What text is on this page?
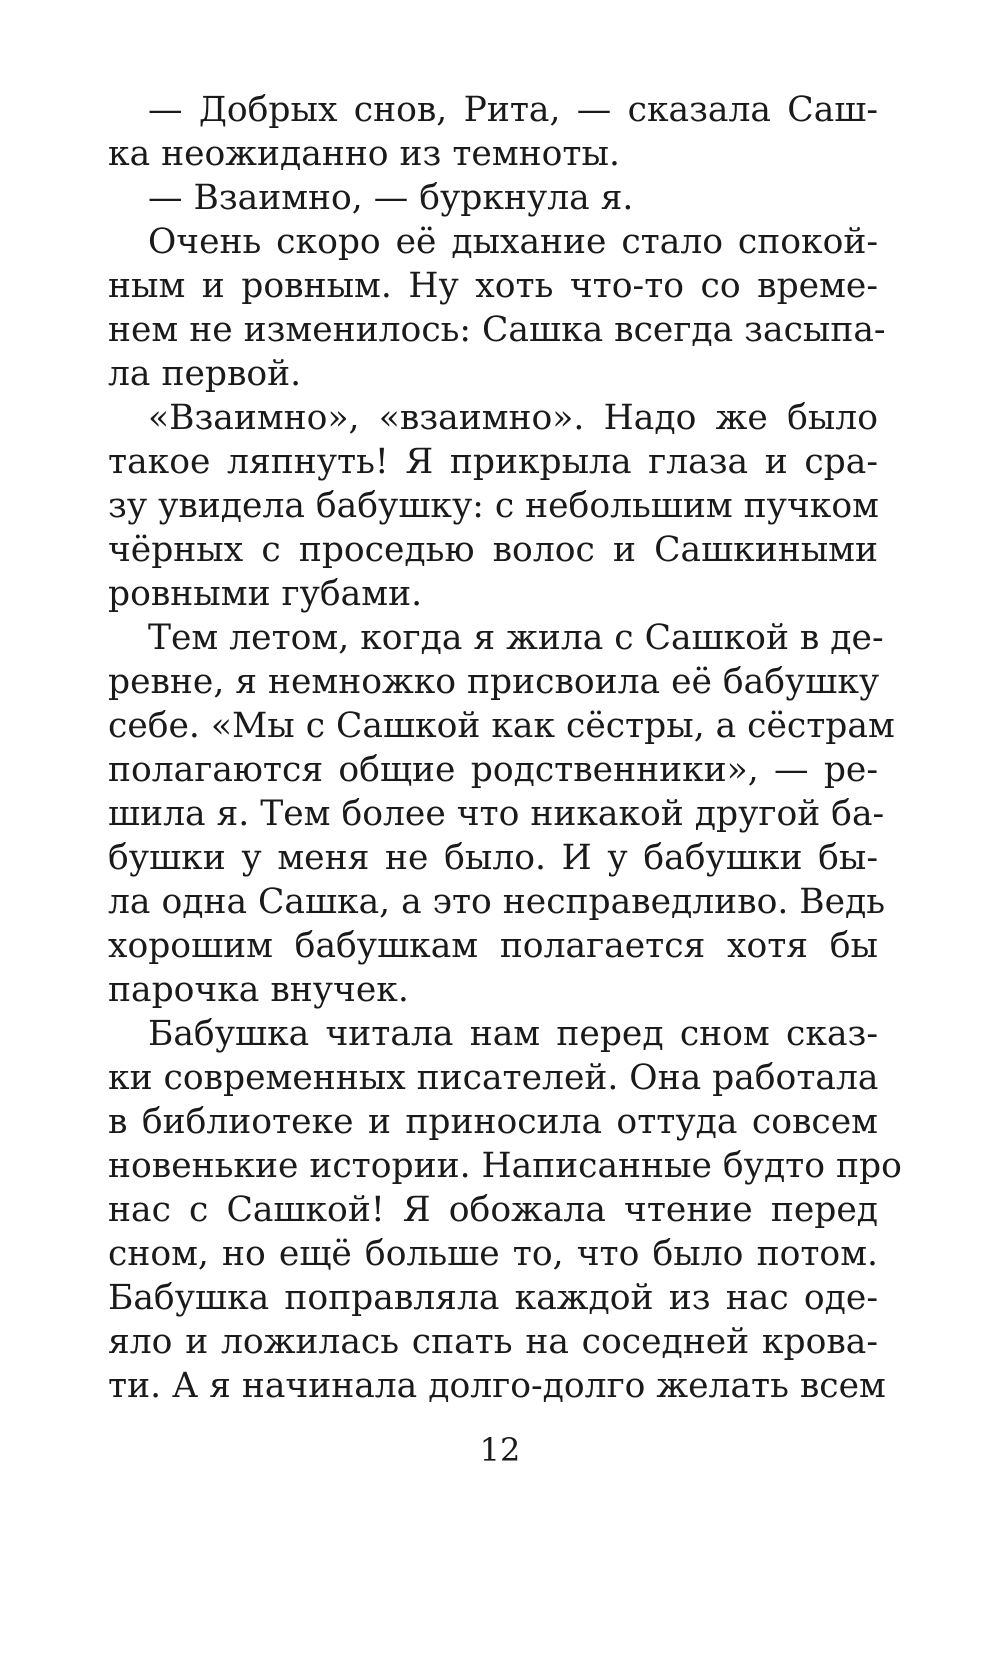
— Добрых снов, Рита, — сказала Саш-
ка неожиданно из темноты.
— Взаимно, — буркнула я.
Очень скоро её дыхание стало спокой-
ным и ровным. Ну хоть что-то со време-
нем не изменилось: Сашка всегда засыпа-
ла первой.
«Взаимно», «взаимно». Надо же было
такое ляпнуть! Я прикрыла глаза и сра-
зу увидела бабушку: с небольшим пучком
чёрных с проседью волос и Сашкиными
ровными губами.
Тем летом, когда я жила с Сашкой в де-
ревне, я немножко присвоила её бабушку
себе. «Мы с Сашкой как сёстры, а сёстрам
полагаются общие родственники», — ре-
шила я. Тем более что никакой другой ба-
бушки у меня не было. И у бабушки бы-
ла одна Сашка, а это несправедливо. Ведь
хорошим бабушкам полагается хотя бы
парочка внучек.
Бабушка читала нам перед сном сказ-
ки современных писателей. Она работала
в библиотеке и приносила оттуда совсем
новенькие истории. Написанные будто про
нас с Сашкой! Я обожала чтение перед
сном, но ещё больше то, что было потом.
Бабушка поправляла каждой из нас оде-
яло и ложилась спать на соседней крова-
ти. А я начинала долго-долго желать всем
12
